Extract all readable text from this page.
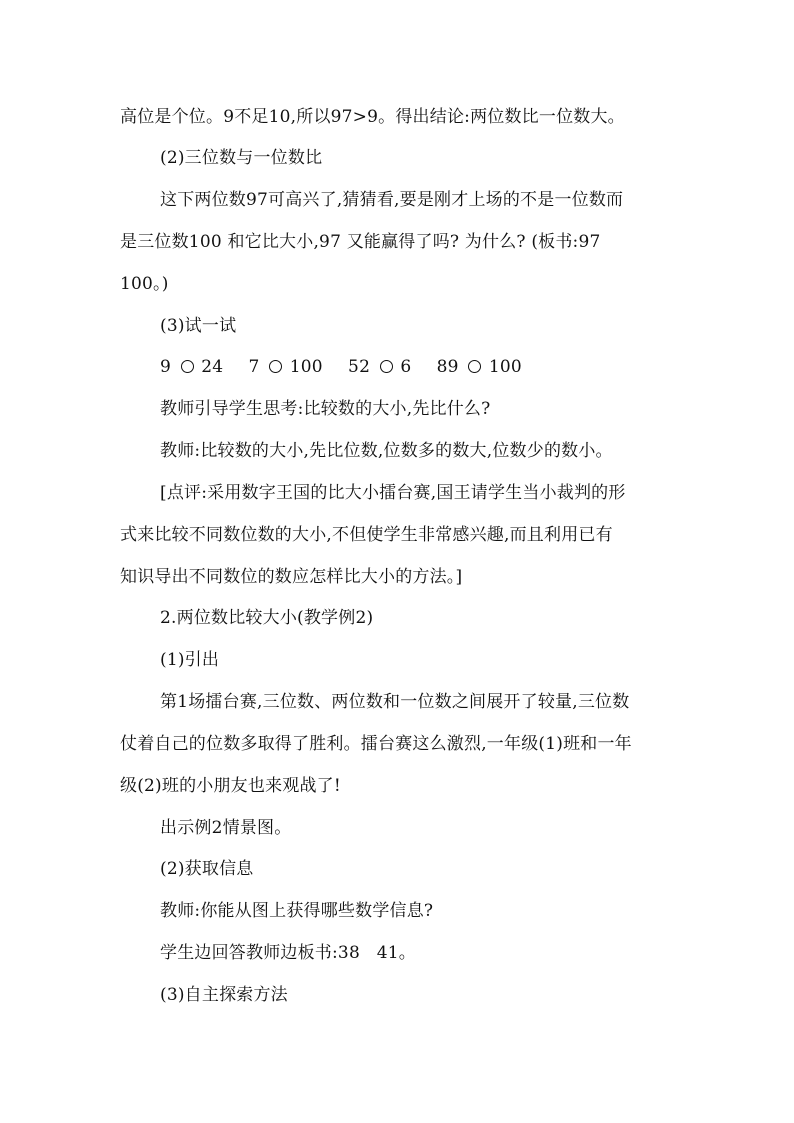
高位是个位。9不足10,所以97>9。得出结论:两位数比一位数大。
(2)三位数与一位数比
这下两位数97可高兴了,猜猜看,要是刚才上场的不是一位数而
是三位数100 和它比大小,97 又能赢得了吗? 为什么? (板书:97
100。)
(3)试一试
9 24 7 100 52 6 89 100
教师引导学生思考:比较数的大小,先比什么?
教师:比较数的大小,先比位数,位数多的数大,位数少的数小。
[点评:采用数字王国的比大小擂台赛,国王请学生当小裁判的形
式来比较不同数位数的大小,不但使学生非常感兴趣,而且利用已有
知识导出不同数位的数应怎样比大小的方法。]
2.两位数比较大小(教学例2)
(1)引出
第1场擂台赛,三位数、两位数和一位数之间展开了较量,三位数
仗着自己的位数多取得了胜利。擂台赛这么激烈,一年级(1)班和一年
级(2)班的小朋友也来观战了!
出示例2情景图。
(2)获取信息
教师:你能从图上获得哪些数学信息?
学生边回答教师边板书:38   41。
(3)自主探索方法
